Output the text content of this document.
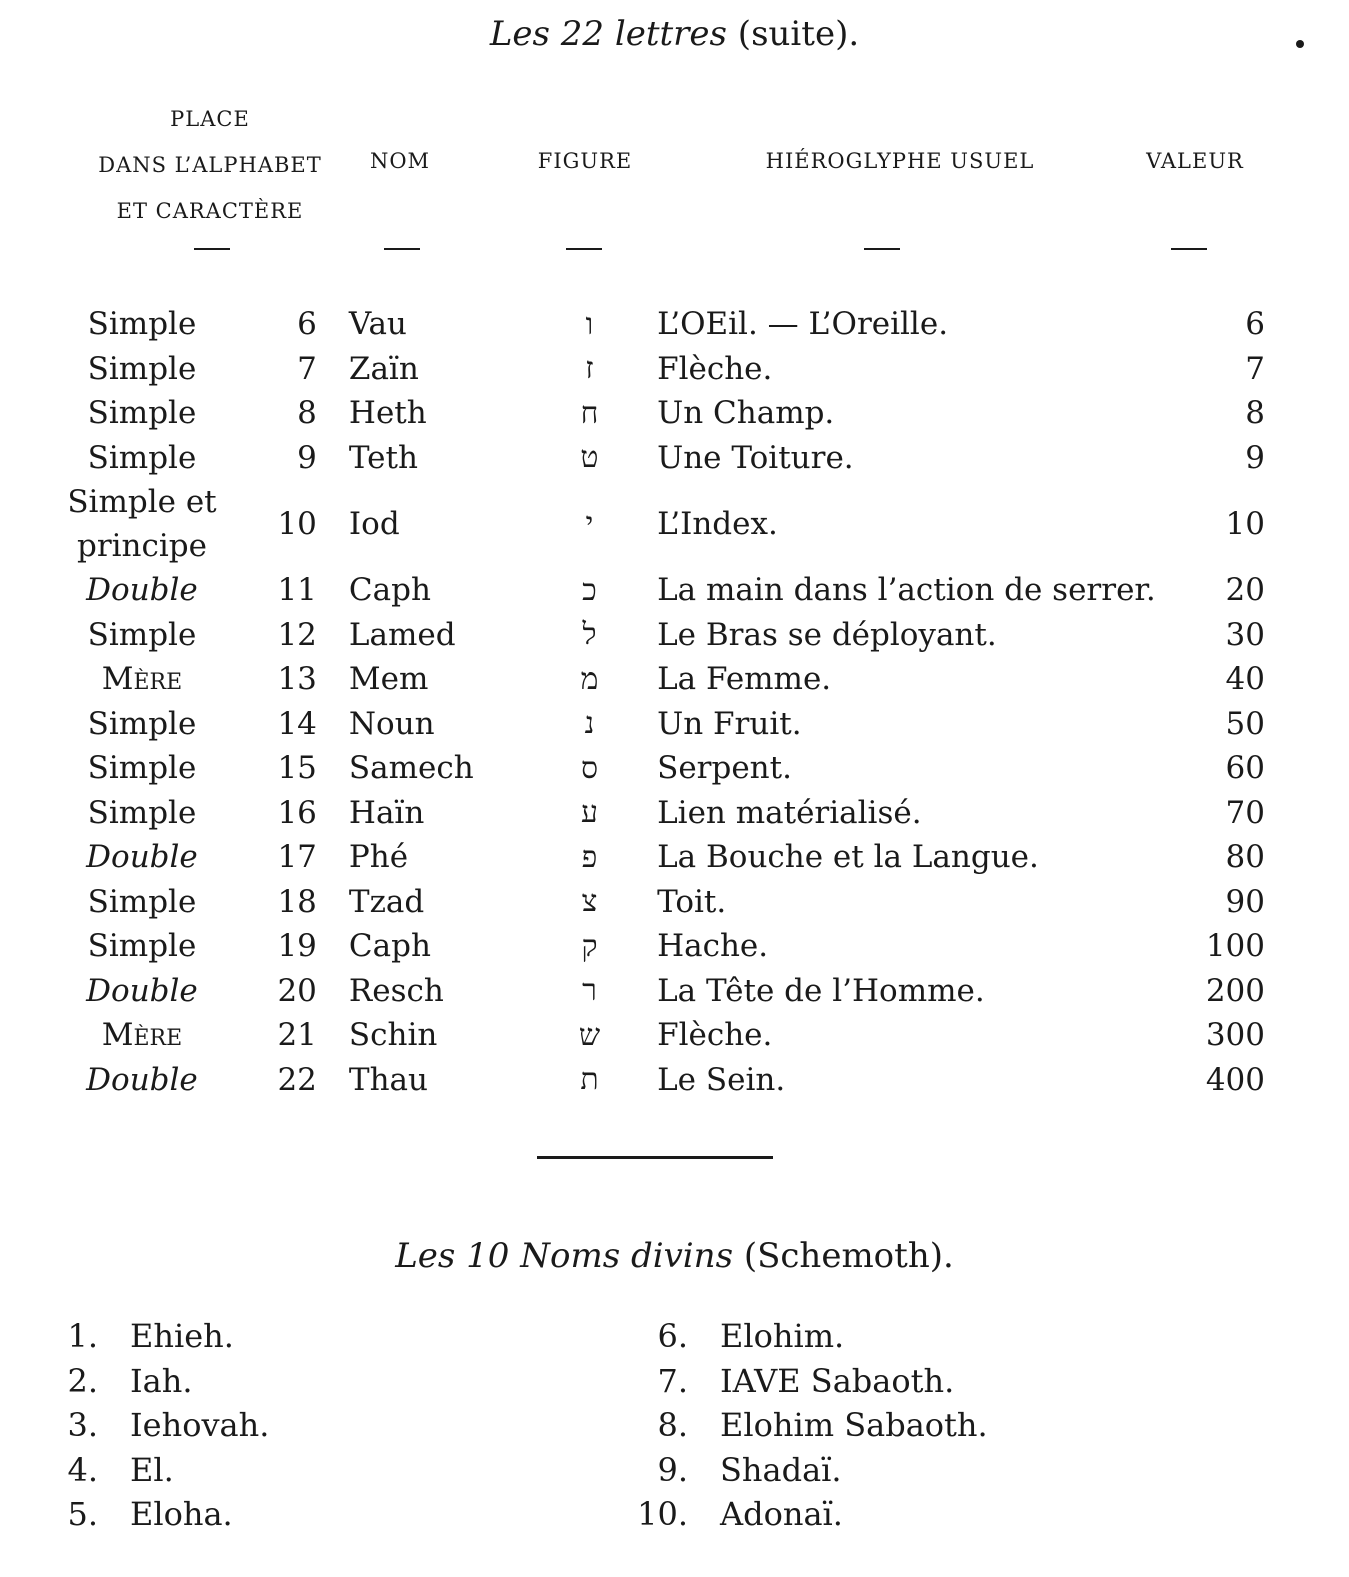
Les 22 lettres (suite).
PLACE
DANS L’ALPHABET
ET CARACTÈRE
NOM	FIGURE	HIÉROGLYPHE USUEL	VALEUR
Simple	6	Vau	ו	L’OEil. — L’Oreille.	6
Simple	7	Zaïn	ז	Flèche.	7
Simple	8	Heth	ח	Un Champ.	8
Simple	9	Teth	ט	Une Toiture.	9
Simple et
principe	10	Iod	י	L’Index.	10
Double	11	Caph	כ	La main dans l’action de serrer.	20
Simple	12	Lamed	ל	Le Bras se déployant.	30
Mère	13	Mem	מ	La Femme.	40
Simple	14	Noun	נ	Un Fruit.	50
Simple	15	Samech	ס	Serpent.	60
Simple	16	Haïn	ע	Lien matérialisé.	70
Double	17	Phé	פ	La Bouche et la Langue.	80
Simple	18	Tzad	צ	Toit.	90
Simple	19	Caph	ק	Hache.	100
Double	20	Resch	ר	La Tête de l’Homme.	200
Mère	21	Schin	ש	Flèche.	300
Double	22	Thau	ת	Le Sein.	400
Les 10 Noms divins (Schemoth).
1. Ehieh.
2. Iah.
3. Iehovah.
4. El.
5. Eloha.
6. Elohim.
7. IAVE Sabaoth.
8. Elohim Sabaoth.
9. Shadaï.
10. Adonaï.
